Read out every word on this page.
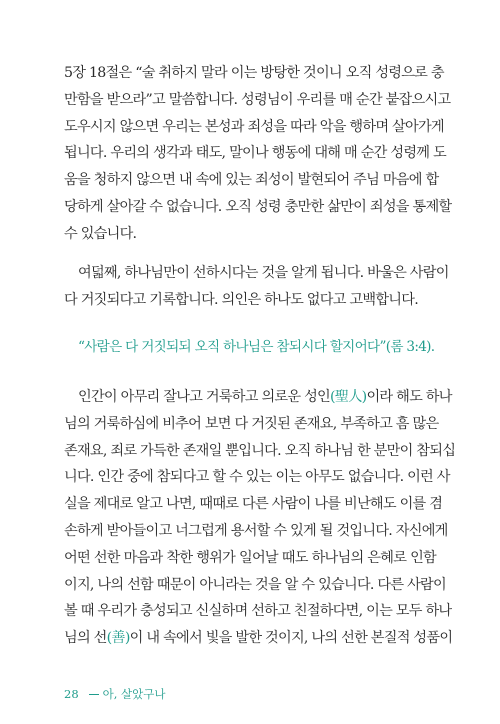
5장 18절은 “술 취하지 말라 이는 방탕한 것이니 오직 성령으로 충
만함을 받으라”고 말씀합니다. 성령님이 우리를 매 순간 붙잡으시고
도우시지 않으면 우리는 본성과 죄성을 따라 악을 행하며 살아가게
됩니다. 우리의 생각과 태도, 말이나 행동에 대해 매 순간 성령께 도
움을 청하지 않으면 내 속에 있는 죄성이 발현되어 주님 마음에 합
당하게 살아갈 수 없습니다. 오직 성령 충만한 삶만이 죄성을 통제할
수 있습니다.
여덟째, 하나님만이 선하시다는 것을 알게 됩니다. 바울은 사람이
다 거짓되다고 기록합니다. 의인은 하나도 없다고 고백합니다.
“사람은 다 거짓되되 오직 하나님은 참되시다 할지어다”(롬 3:4).
인간이 아무리 잘나고 거룩하고 의로운 성인(聖人)이라 해도 하나
님의 거룩하심에 비추어 보면 다 거짓된 존재요, 부족하고 흠 많은
존재요, 죄로 가득한 존재일 뿐입니다. 오직 하나님 한 분만이 참되십
니다. 인간 중에 참되다고 할 수 있는 이는 아무도 없습니다. 이런 사
실을 제대로 알고 나면, 때때로 다른 사람이 나를 비난해도 이를 겸
손하게 받아들이고 너그럽게 용서할 수 있게 될 것입니다. 자신에게
어떤 선한 마음과 착한 행위가 일어날 때도 하나님의 은혜로 인함
이지, 나의 선함 때문이 아니라는 것을 알 수 있습니다. 다른 사람이
볼 때 우리가 충성되고 신실하며 선하고 친절하다면, 이는 모두 하나
님의 선(善)이 내 속에서 빛을 발한 것이지, 나의 선한 본질적 성품이
28 아, 살았구나
